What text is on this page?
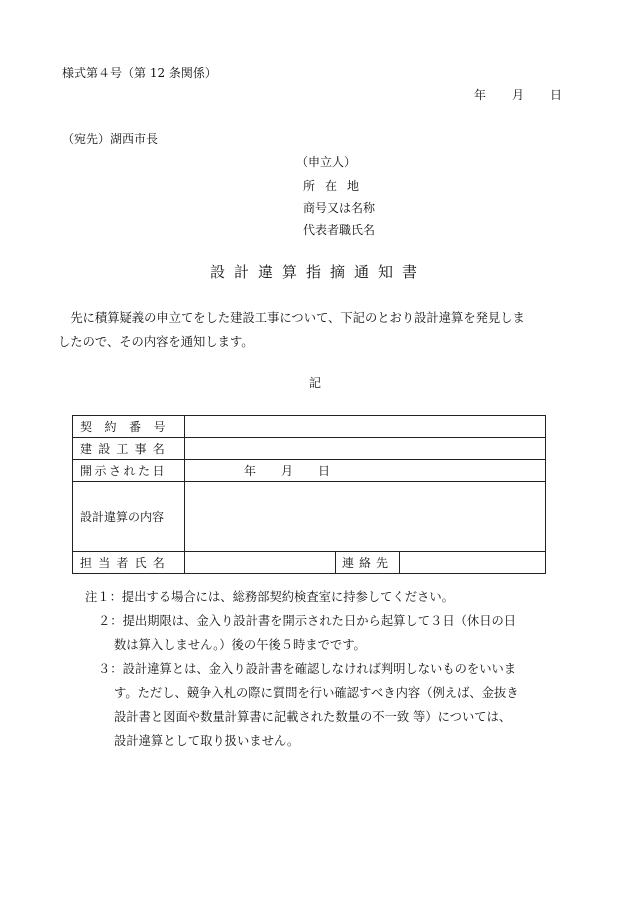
様式第４号（第 12 条関係）
年 月 日
（宛先）湖西市長
（申立人）
所在地
商号又は名称
代表者職氏名
設計違算指摘通知書
　先に積算疑義の申立てをした建設工事について、下記のとおり設計違算を発見しま
したので、その内容を通知します。
記
契約番号			
建設工事名			
開示された日	年 月 日		
設計違算の内容			
担当者氏名		連絡先	
注１：提出する場合には、総務部契約検査室に持参してください。
２：提出期限は、金入り設計書を開示された日から起算して３日（休日の日
数は算入しません。）後の午後５時までです。
３：設計違算とは、金入り設計書を確認しなければ判明しないものをいいま
す。ただし、競争入札の際に質問を行い確認すべき内容（例えば、金抜き
設計書と図面や数量計算書に記載された数量の不一致 等）については、
設計違算として取り扱いません。
